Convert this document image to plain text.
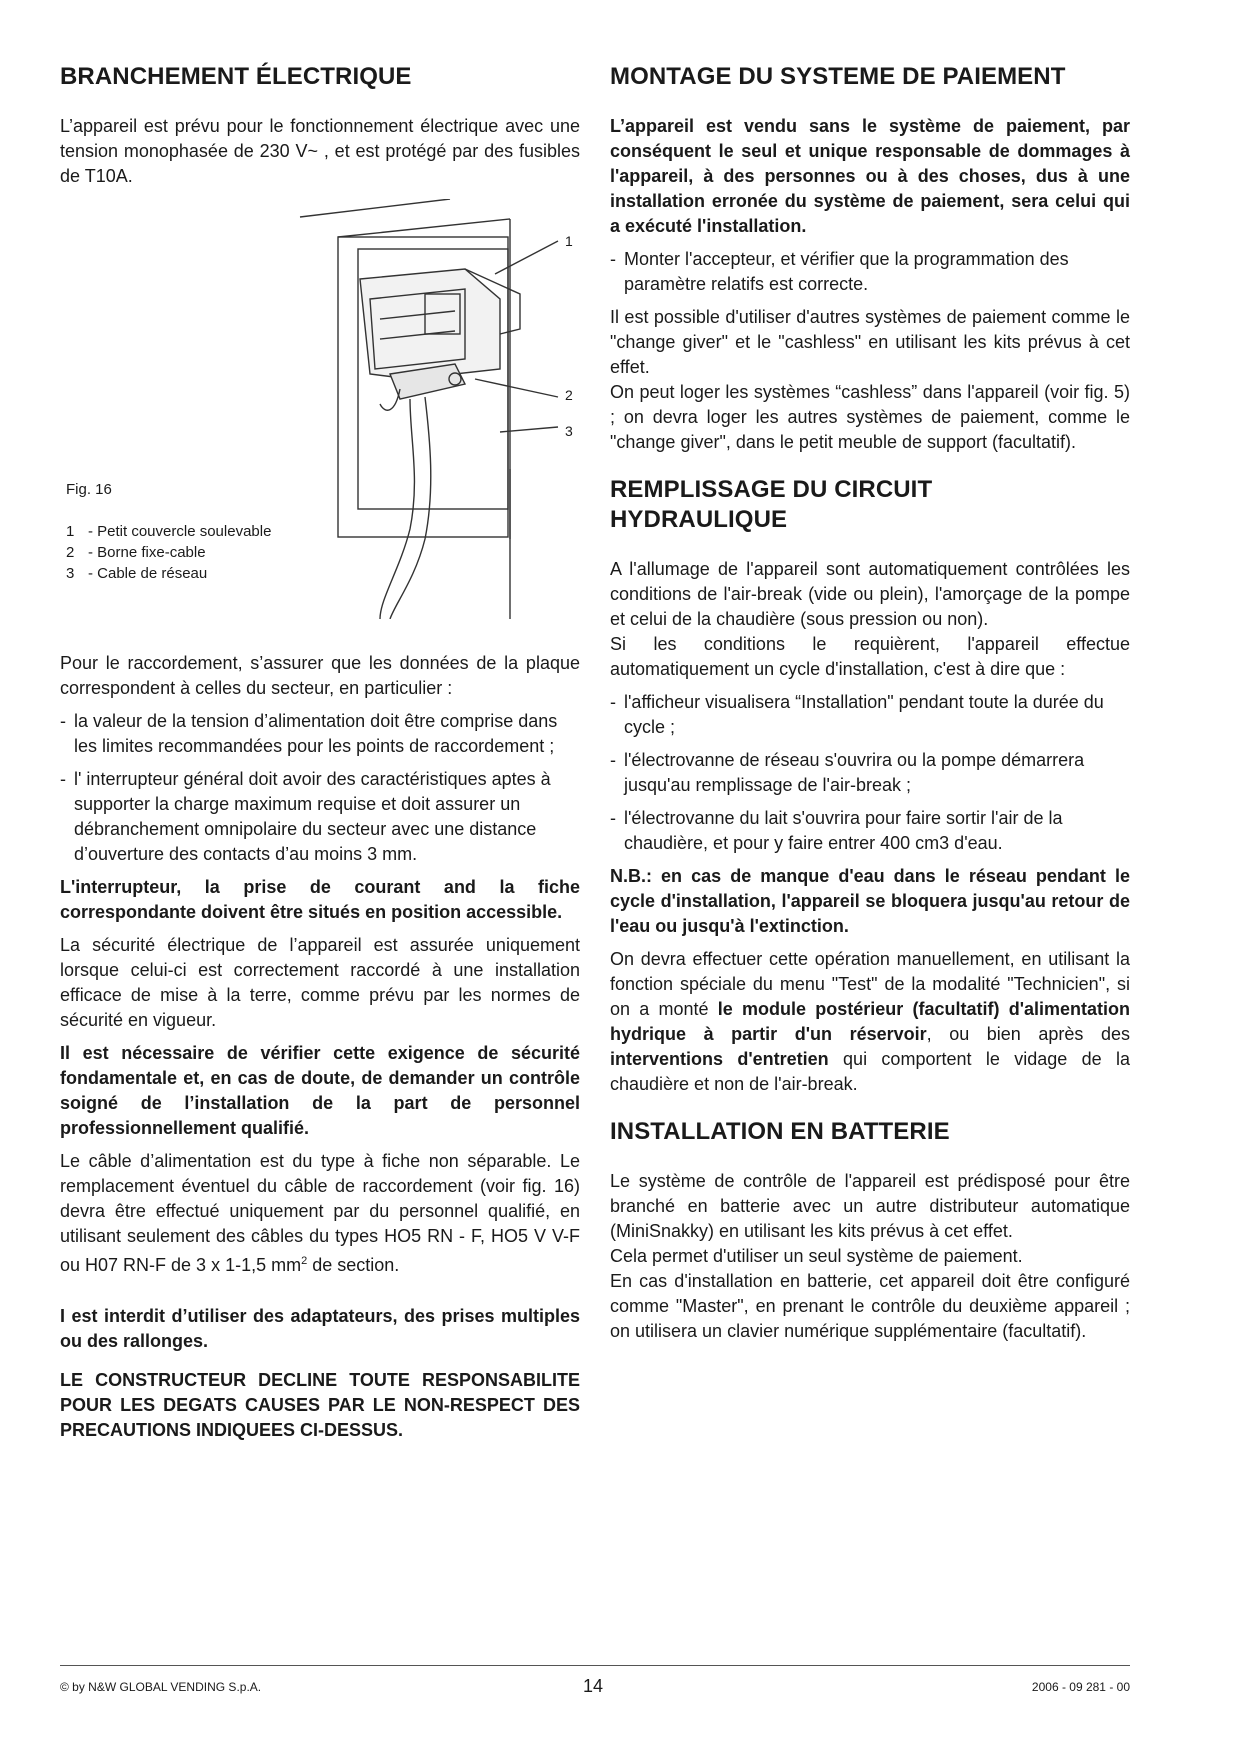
BRANCHEMENT ÉLECTRIQUE

L’appareil est prévu pour le fonctionnement électrique avec une tension monophasée de 230 V~ , et est protégé par des fusibles de T10A.

1
2
3
Fig. 16
1 - Petit couvercle soulevable
2 - Borne fixe-cable
3 - Cable de réseau

Pour le raccordement, s’assurer que les données de la plaque correspondent à celles du secteur, en particulier :

- la valeur de la tension d’alimentation doit être comprise dans les limites recommandées pour les points de raccordement ;
- l' interrupteur général doit avoir des caractéristiques aptes à supporter la charge maximum requise et doit assurer un débranchement omnipolaire du secteur avec une distance d’ouverture des contacts d’au moins 3 mm.

L'interrupteur, la prise de courant and la fiche correspondante doivent être situés en position accessible.

La sécurité électrique de l’appareil est assurée uniquement lorsque celui-ci est correctement raccordé à une installation efficace de mise à la terre, comme prévu par les normes de sécurité en vigueur.

Il est nécessaire de vérifier cette exigence de sécurité fondamentale et, en cas de doute, de demander un contrôle soigné de l’installation de la part de personnel professionnellement qualifié.

Le câble d’alimentation est du type à fiche non séparable. Le remplacement éventuel du câble de raccordement (voir fig. 16) devra être effectué uniquement par du personnel qualifié, en utilisant seulement des câbles du types HO5 RN - F, HO5 V V-F ou H07 RN-F de 3 x 1-1,5 $mm^2$ de section.

I est interdit d’utiliser des adaptateurs, des prises multiples ou des rallonges.

LE CONSTRUCTEUR DECLINE TOUTE RESPONSABILITE POUR LES DEGATS CAUSES PAR LE NON-RESPECT DES PRECAUTIONS INDIQUEES CI-DESSUS.

MONTAGE DU SYSTEME DE PAIEMENT

L’appareil est vendu sans le système de paiement, par conséquent le seul et unique responsable de dommages à l'appareil, à des personnes ou à des choses, dus à une installation erronée du système de paiement, sera celui qui a exécuté l'installation.

- Monter l'accepteur, et vérifier que la programmation des paramètre relatifs est correcte.

Il est possible d'utiliser d'autres systèmes de paiement comme le "change giver" et le "cashless" en utilisant les kits prévus à cet effet.

On peut loger les systèmes “cashless” dans l'appareil (voir fig. 5) ; on devra loger les autres systèmes de paiement, comme le "change giver", dans le petit meuble de support (facultatif).

REMPLISSAGE DU CIRCUIT HYDRAULIQUE

A l'allumage de l'appareil sont automatiquement contrôlées les conditions de l'air-break (vide ou plein), l'amorçage de la pompe et celui de la chaudière (sous pression ou non).

Si les conditions le requièrent, l'appareil effectue automatiquement un cycle d'installation, c'est à dire que :

- l'afficheur visualisera “Installation" pendant toute la durée du cycle ;
- l'électrovanne de réseau s'ouvrira ou la pompe démarrera jusqu'au remplissage de l'air-break ;
- l'électrovanne du lait s'ouvrira pour faire sortir l'air de la chaudière, et pour y faire entrer 400 cm3 d'eau.

N.B.: en cas de manque d'eau dans le réseau pendant le cycle d'installation, l'appareil se bloquera jusqu'au retour de l'eau ou jusqu'à l'extinction.

On devra effectuer cette opération manuellement, en utilisant la fonction spéciale du menu "Test" de la modalité "Technicien", si on a monté le module postérieur (facultatif) d'alimentation hydrique à partir d'un réservoir, ou bien après des interventions d'entretien qui comportent le vidage de la chaudière et non de l'air-break.

INSTALLATION EN BATTERIE

Le système de contrôle de l'appareil est prédisposé pour être branché en batterie avec un autre distributeur automatique (MiniSnakky) en utilisant les kits prévus à cet effet.

Cela permet d'utiliser un seul système de paiement.

En cas d'installation en batterie, cet appareil doit être configuré comme "Master", en prenant le contrôle du deuxième appareil ; on utilisera un clavier numérique supplémentaire (facultatif).

© by N&W GLOBAL VENDING S.p.A.	14	2006 - 09 281 - 00
